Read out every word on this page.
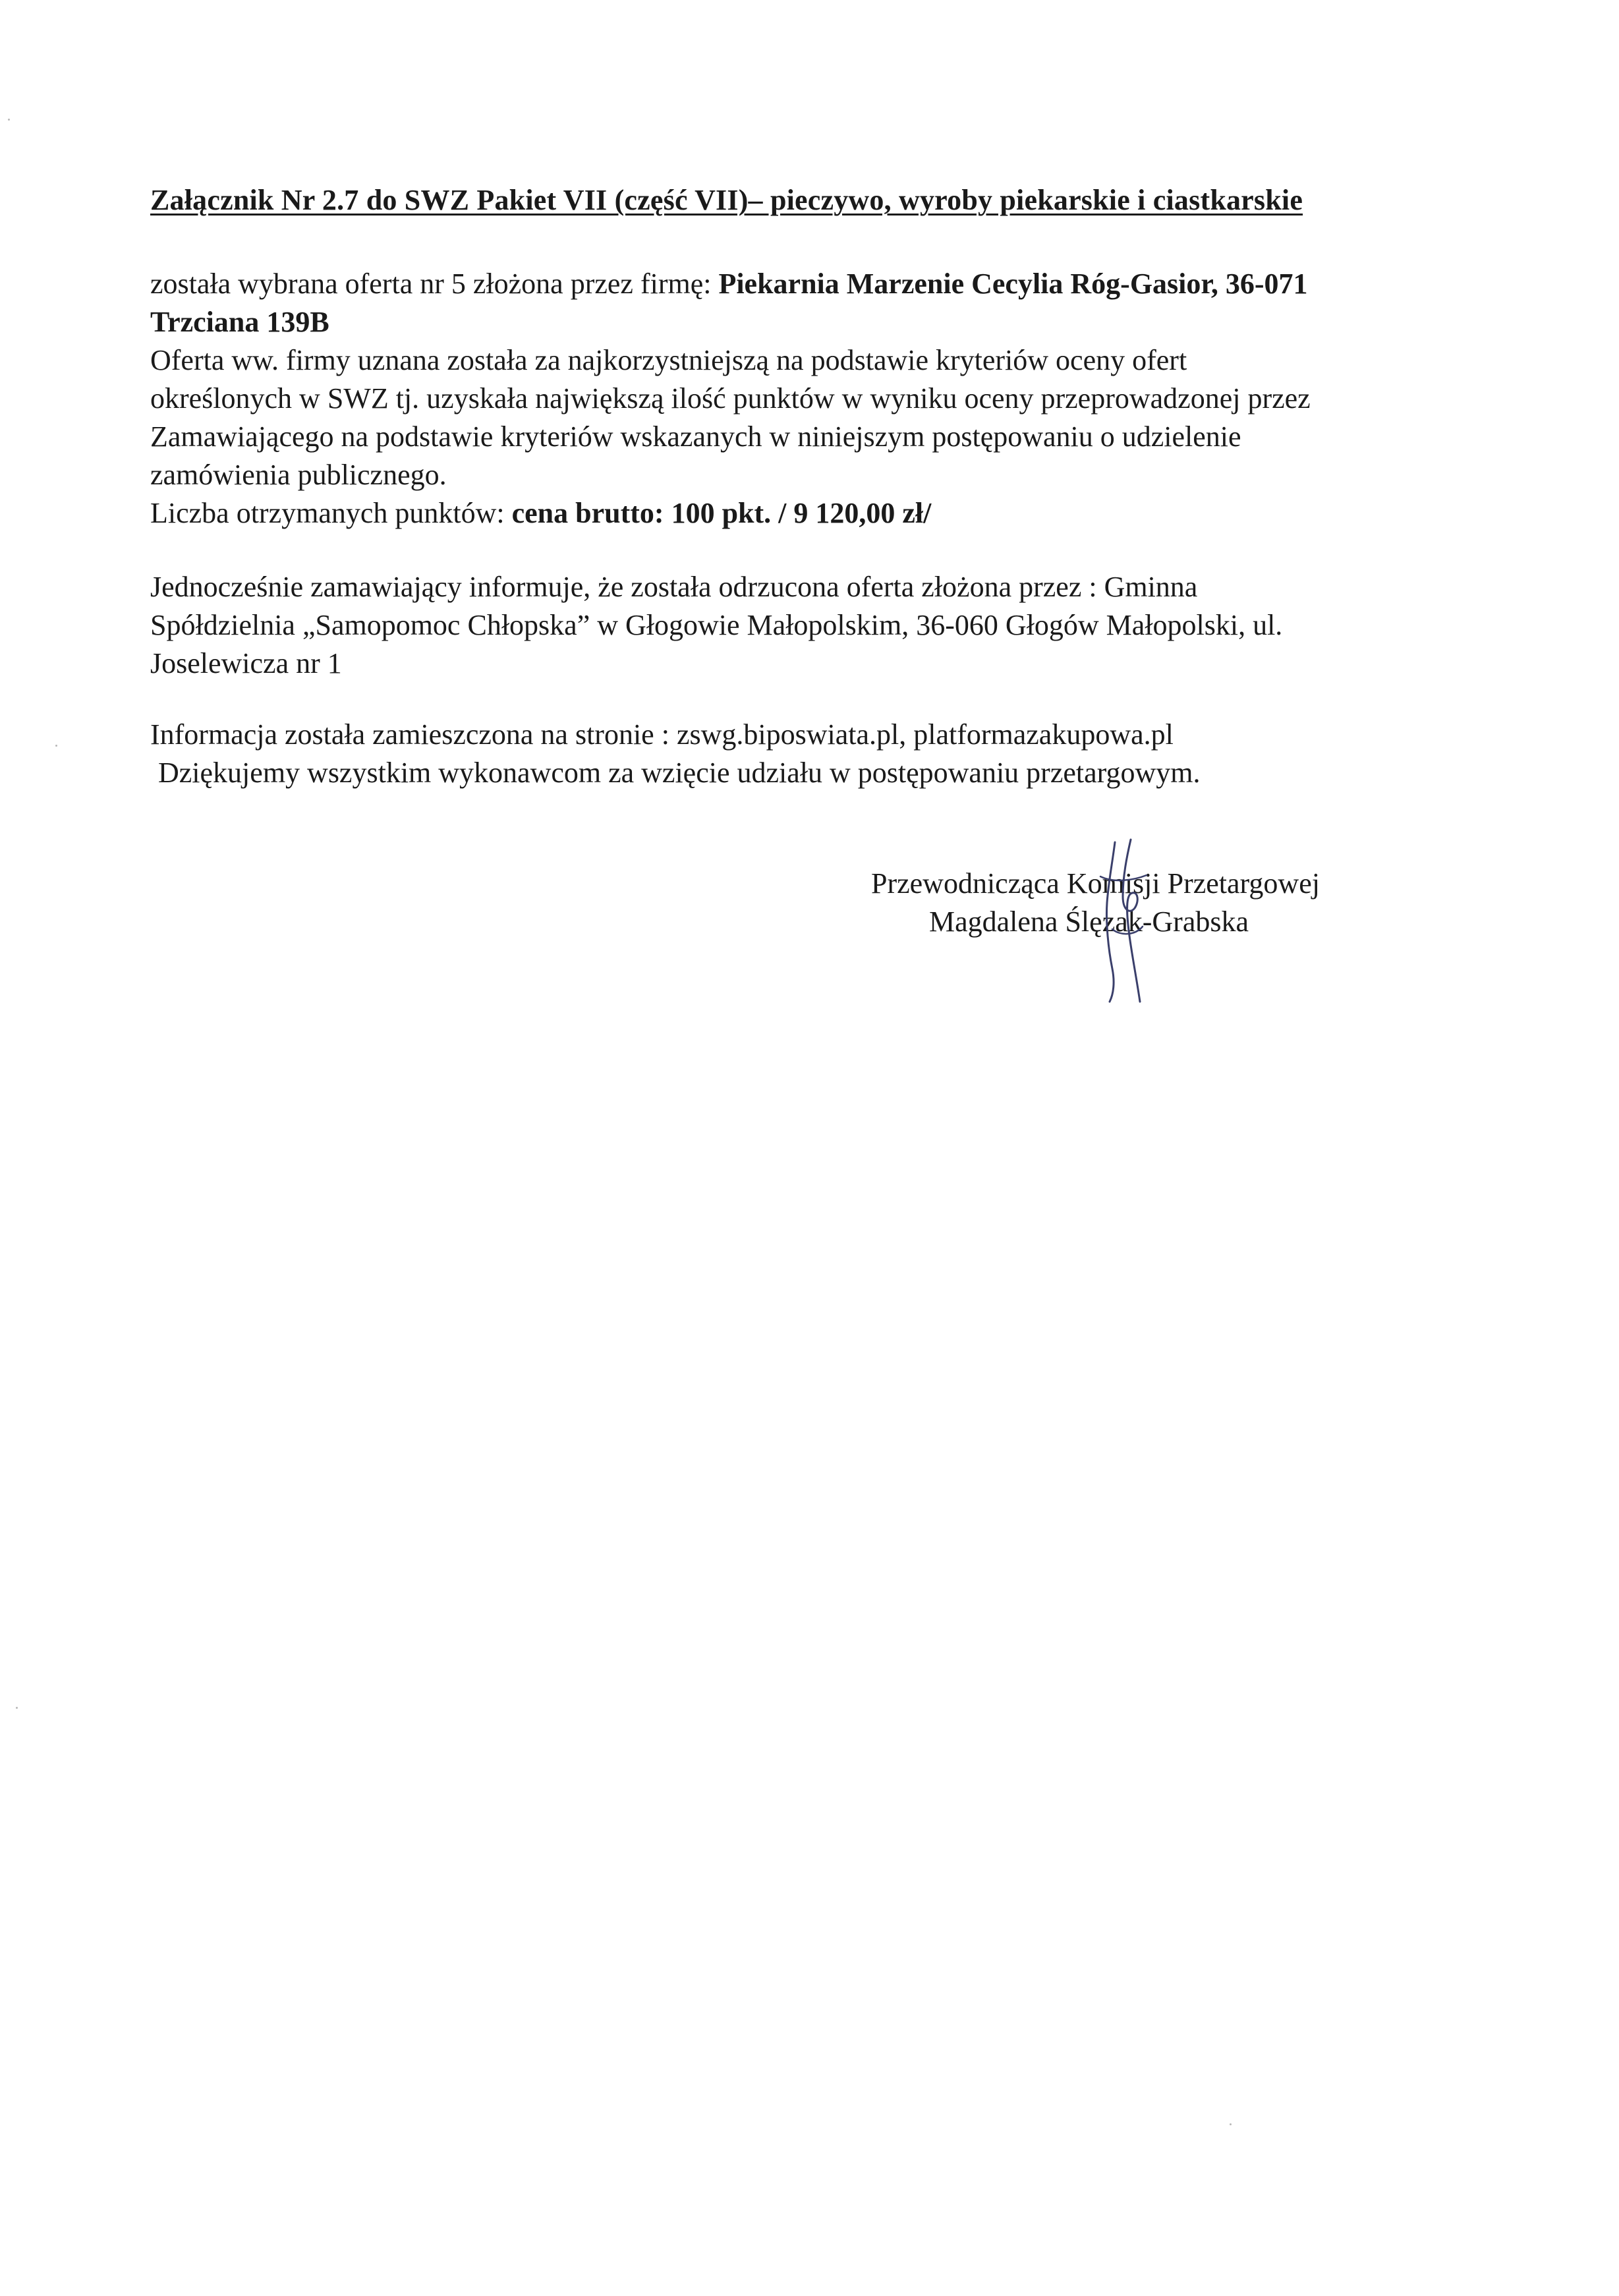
Załącznik Nr 2.7 do SWZ Pakiet VII (część VII)– pieczywo, wyroby piekarskie i ciastkarskie
została wybrana oferta nr 5 złożona przez firmę: Piekarnia Marzenie Cecylia Róg-Gasior, 36-071
Trzciana 139B
Oferta ww. firmy uznana została za najkorzystniejszą na podstawie kryteriów oceny ofert
określonych w SWZ tj. uzyskała największą ilość punktów w wyniku oceny przeprowadzonej przez
Zamawiającego na podstawie kryteriów wskazanych w niniejszym postępowaniu o udzielenie
zamówienia publicznego.
Liczba otrzymanych punktów: cena brutto: 100 pkt. / 9 120,00 zł/
Jednocześnie zamawiający informuje, że została odrzucona oferta złożona przez : Gminna
Spółdzielnia „Samopomoc Chłopska” w Głogowie Małopolskim, 36-060 Głogów Małopolski, ul.
Joselewicza nr 1
Informacja została zamieszczona na stronie : zswg.biposwiata.pl, platformazakupowa.pl
Dziękujemy wszystkim wykonawcom za wzięcie udziału w postępowaniu przetargowym.
Przewodnicząca Komisji Przetargowej
Magdalena Ślęzak-Grabska
